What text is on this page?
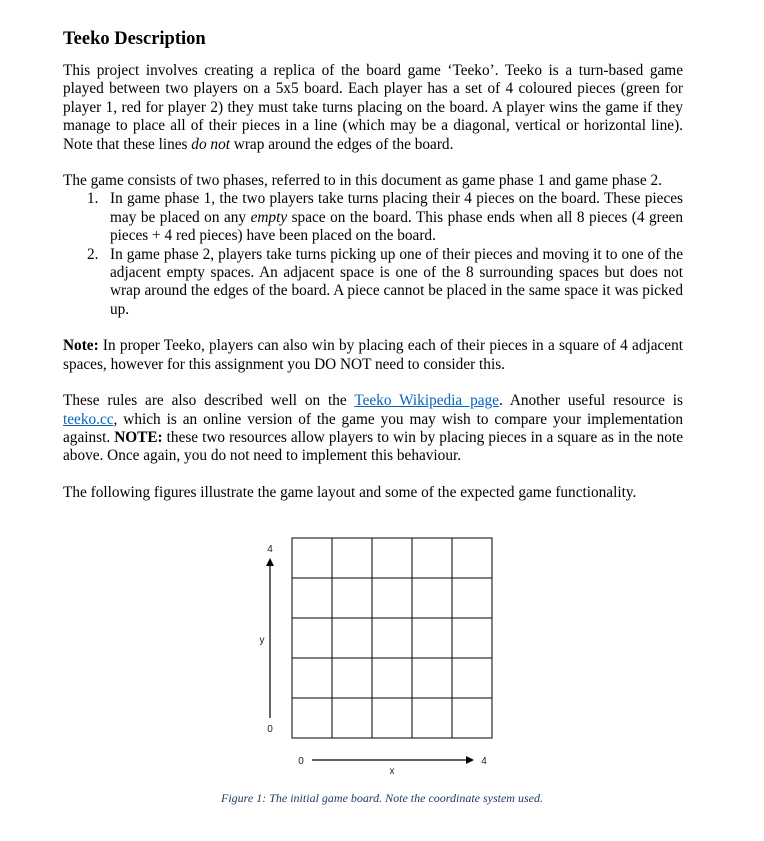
Teeko Description

This project involves creating a replica of the board game ‘Teeko’. Teeko is a turn-based game played between two players on a 5x5 board. Each player has a set of 4 coloured pieces (green for player 1, red for player 2) they must take turns placing on the board. A player wins the game if they manage to place all of their pieces in a line (which may be a diagonal, vertical or horizontal line). Note that these lines do not wrap around the edges of the board.

The game consists of two phases, referred to in this document as game phase 1 and game phase 2.

1. In game phase 1, the two players take turns placing their 4 pieces on the board. These pieces may be placed on any empty space on the board. This phase ends when all 8 pieces (4 green pieces + 4 red pieces) have been placed on the board.
2. In game phase 2, players take turns picking up one of their pieces and moving it to one of the adjacent empty spaces. An adjacent space is one of the 8 surrounding spaces but does not wrap around the edges of the board. A piece cannot be placed in the same space it was picked up.

Note: In proper Teeko, players can also win by placing each of their pieces in a square of 4 adjacent spaces, however for this assignment you DO NOT need to consider this.

These rules are also described well on the Teeko Wikipedia page. Another useful resource is teeko.cc, which is an online version of the game you may wish to compare your implementation against. NOTE: these two resources allow players to win by placing pieces in a square as in the note above. Once again, you do not need to implement this behaviour.

The following figures illustrate the game layout and some of the expected game functionality.

4
y
0
0
x
4
Figure 1: The initial game board. Note the coordinate system used.
